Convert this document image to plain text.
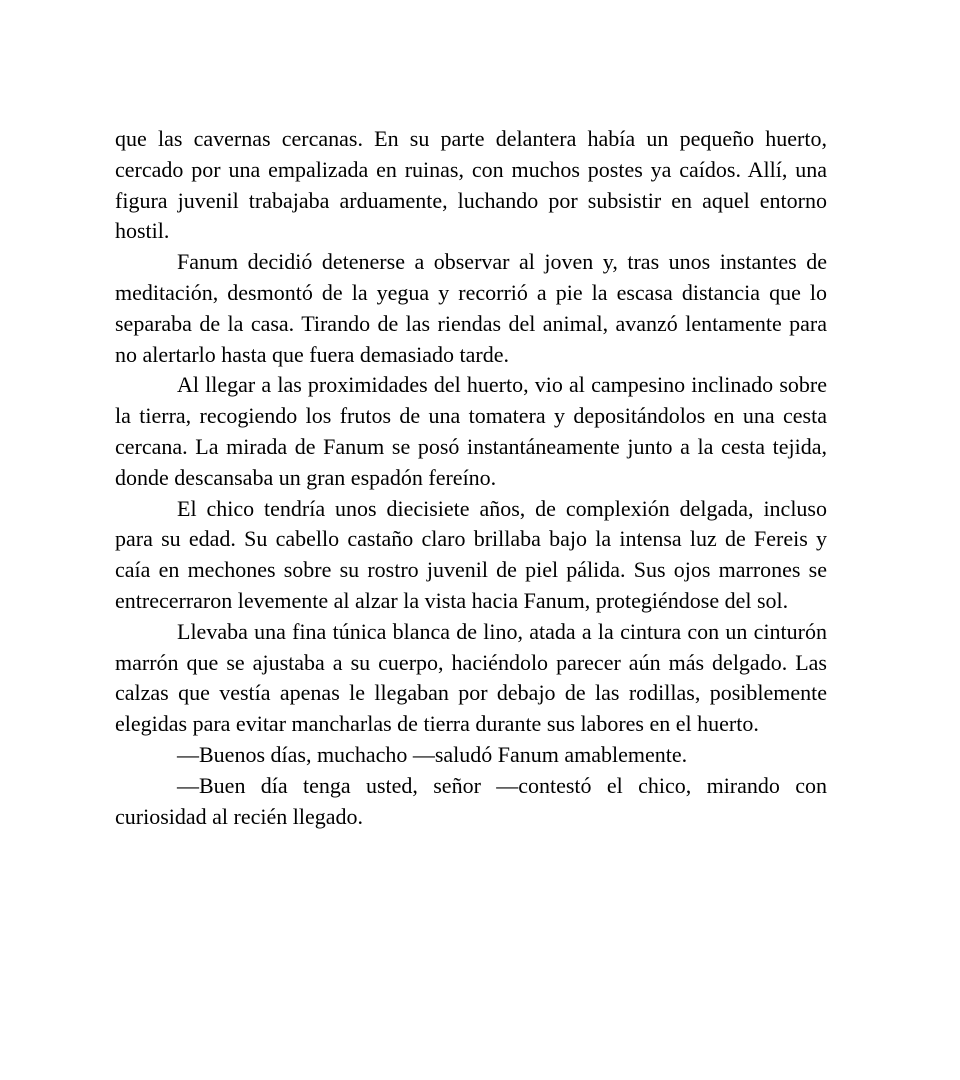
que las cavernas cercanas. En su parte delantera había un pequeño huerto, cercado por una empalizada en ruinas, con muchos postes ya caídos. Allí, una figura juvenil trabajaba arduamente, luchando por subsistir en aquel entorno hostil.

Fanum decidió detenerse a observar al joven y, tras unos instantes de meditación, desmontó de la yegua y recorrió a pie la escasa distancia que lo separaba de la casa. Tirando de las riendas del animal, avanzó lentamente para no alertarlo hasta que fuera demasiado tarde.

Al llegar a las proximidades del huerto, vio al campesino inclinado sobre la tierra, recogiendo los frutos de una tomatera y depositándolos en una cesta cercana. La mirada de Fanum se posó instantáneamente junto a la cesta tejida, donde descansaba un gran espadón fereíno.

El chico tendría unos diecisiete años, de complexión delgada, incluso para su edad. Su cabello castaño claro brillaba bajo la intensa luz de Fereis y caía en mechones sobre su rostro juvenil de piel pálida. Sus ojos marrones se entrecerraron levemente al alzar la vista hacia Fanum, protegiéndose del sol.

Llevaba una fina túnica blanca de lino, atada a la cintura con un cinturón marrón que se ajustaba a su cuerpo, haciéndolo parecer aún más delgado. Las calzas que vestía apenas le llegaban por debajo de las rodillas, posiblemente elegidas para evitar mancharlas de tierra durante sus labores en el huerto.

—Buenos días, muchacho —saludó Fanum amablemente.

—Buen día tenga usted, señor —contestó el chico, mirando con curiosidad al recién llegado.
